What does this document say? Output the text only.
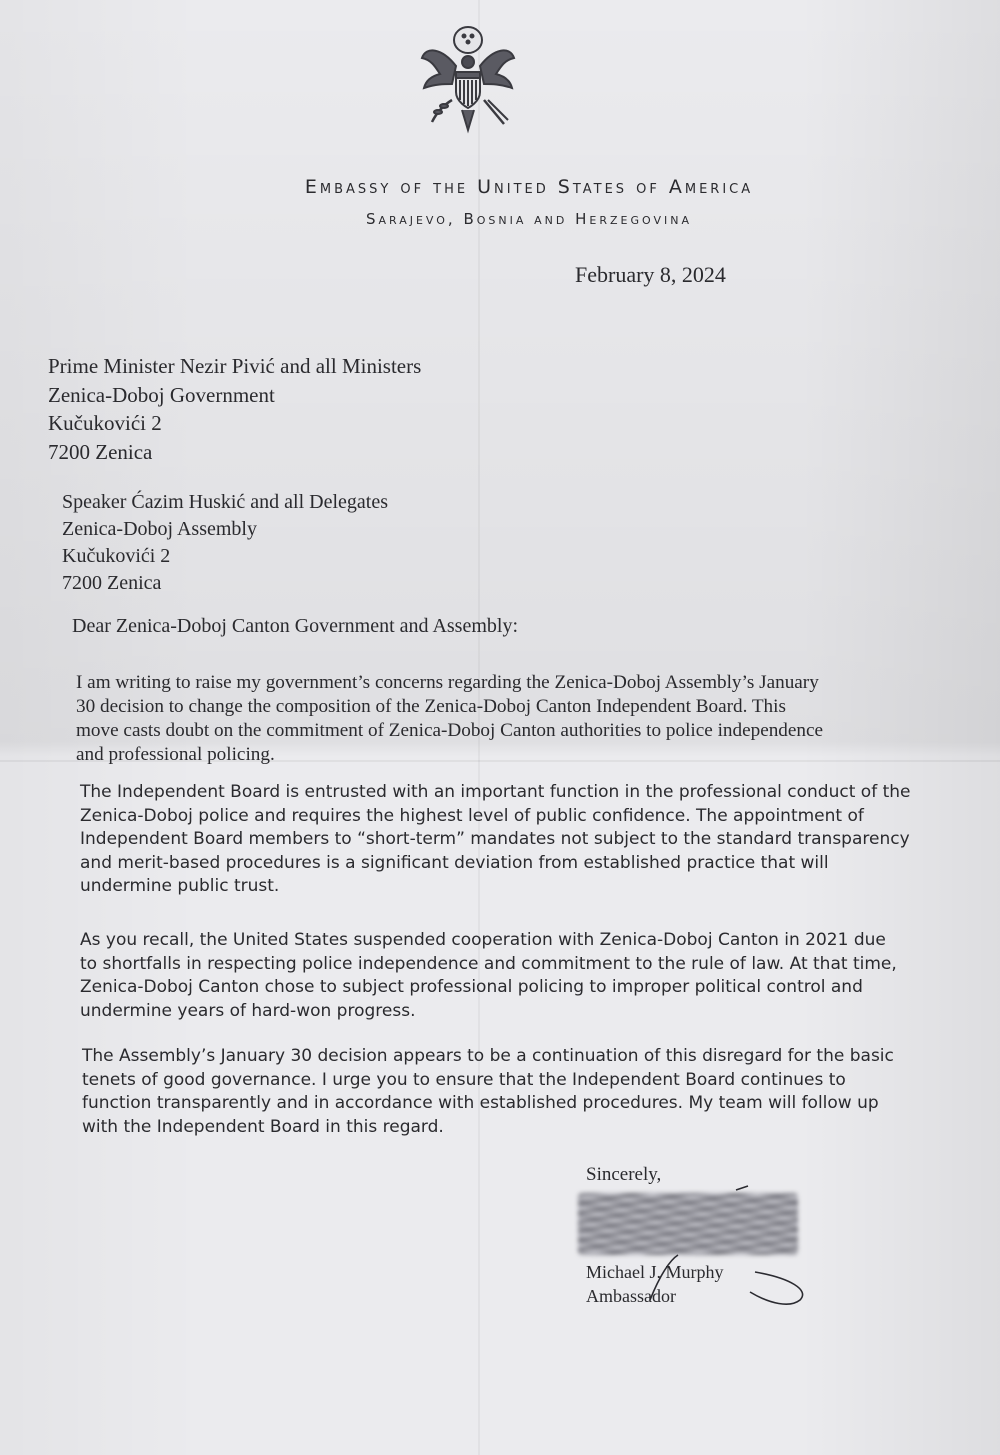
Embassy of the United States of America
Sarajevo, Bosnia and Herzegovina
February 8, 2024
Prime Minister Nezir Pivić and all Ministers
Zenica-Doboj Government
Kučukovići 2
7200 Zenica
Speaker Ćazim Huskić and all Delegates
Zenica-Doboj Assembly
Kučukovići 2
7200 Zenica
Dear Zenica-Doboj Canton Government and Assembly:
I am writing to raise my government’s concerns regarding the Zenica-Doboj Assembly’s January
30 decision to change the composition of the Zenica-Doboj Canton Independent Board. This
move casts doubt on the commitment of Zenica-Doboj Canton authorities to police independence
and professional policing.
The Independent Board is entrusted with an important function in the professional conduct of the
Zenica-Doboj police and requires the highest level of public confidence. The appointment of
Independent Board members to “short-term” mandates not subject to the standard transparency
and merit-based procedures is a significant deviation from established practice that will
undermine public trust.
As you recall, the United States suspended cooperation with Zenica-Doboj Canton in 2021 due
to shortfalls in respecting police independence and commitment to the rule of law. At that time,
Zenica-Doboj Canton chose to subject professional policing to improper political control and
undermine years of hard-won progress.
The Assembly’s January 30 decision appears to be a continuation of this disregard for the basic
tenets of good governance. I urge you to ensure that the Independent Board continues to
function transparently and in accordance with established procedures. My team will follow up
with the Independent Board in this regard.
Sincerely,
Michael J. Murphy
Ambassador
